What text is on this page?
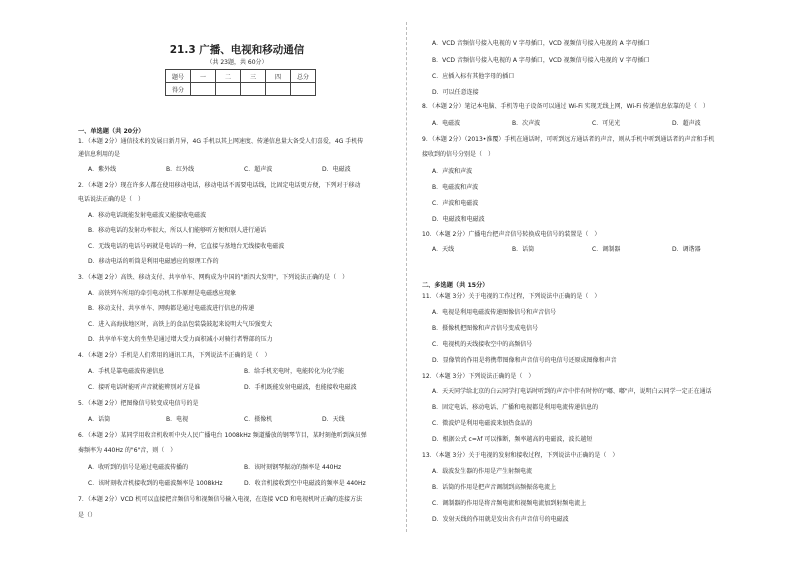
21.3 广播、电视和移动通信
（共 23题，共 60分）
题号	一	二	三	四	总分
得分					
一、单选题（共 20分）
1．（本题 2分）通信技术的发展日新月异，4G 手机以其上网速度、传递信息量大备受人们喜爱，4G 手机传
递信息利用的是
A．紫外线	B．红外线	C．超声波	D．电磁波
2．（本题 2分）现在许多人都在使用移动电话，移动电话不需要电话线，比固定电话更方便，下列对于移动
电话说法正确的是（　）
A．移动电话既能发射电磁波又能接收电磁波
B．移动电话的发射功率很大，所以人们能够听方便和别人进行通话
C．无线电话的电话号码就是电话的一种，它直接与基地台无线接收电磁波
D．移动电话的听筒是利用电磁感应的原理工作的
3．（本题 2分）高铁、移动支付、共享单车、网购成为中国的"新四大发明"，下列说法正确的是（　）
A．高铁列车所用的牵引电动机工作原理是电磁感应现象
B．移动支付、共享单车、网购都是通过电磁波进行信息的传递
C．进入高海拔地区时，高铁上的食品包装袋鼓起来说明大气压强变大
D．共享单车宽大的坐垫是通过增大受力面积减小对骑行者臀部的压力
4．（本题 2分）手机是人们常用的通讯工具，下列说法不正确的是（　）
A．手机是靠电磁波传递信息	B．给手机充电时，电能转化为化学能
C．接听电话时能听声音就能辨别对方是谁	D．手机既能发射电磁波，也能接收电磁波
5．（本题 2分）把图像信号转变成电信号的是
A．话筒	B．电视	C．摄像机	D．天线
6．（本题 2分）某同学用收音机收听中央人民广播电台 1008kHz 频道播放的钢琴节目，某时刻他听到演员弹
奏频率为 440Hz 的"6"音，则（　）
A．收听到的信号是通过电磁波传播的	B．该时刻钢琴振动的频率是 440Hz
C．该时刻收音机接收到的电磁波频率是 1008kHz	D．收音机接收到空中电磁波的频率是 440Hz
7．（本题 2分）VCD 机可以直接把音频信号和视频信号输入电视，在连接 VCD 和电视机时正确的连接方法
是（）
A．VCD 音频信号接入电视的 V 字母插口，VCD 视频信号接入电视的 A 字母插口
B．VCD 音频信号接入电视的 A 字母插口，VCD 视频信号接入电视的 V 字母插口
C．应插入标有其他字母的插口
D．可以任意连接
8．（本题 2分）笔记本电脑、手机等电子设备可以通过 Wi-Fi 实现无线上网，Wi-Fi 传递信息依靠的是（　）
A．电磁波	B．次声波	C．可见光	D．超声波
9．（本题 2分）（2013•淮覆）手机在通话时，可听到远方通话者的声音，则从手机中听到通话者的声音和手机
接收到的信号分别是（　）
A．声波和声波
B．电磁波和声波
C．声波和电磁波
D．电磁波和电磁波
10．（本题 2分）广播电台把声音信号转换成电信号的装置是（　）
A．天线	B．话筒	C．调制器	D．调谐器
二、多选题（共 15分）
11．（本题 3分）关于电视的工作过程，下列说法中正确的是（　）
A．电视是利用电磁波传递图像信号和声音信号
B．摄像机把图像和声音信号变成电信号
C．电视机的天线接收空中的高频信号
D．显像管的作用是将携带图像和声音信号的电信号还原成图像和声音
12．（本题 3分）下列说法正确的是（　）
A．天天同学给北京的白云同学打电话时听到的声音中伴有时停的"嘟、嘟"声，说明白云同学一定正在通话
B．固定电话、移动电话、广播和电视都是利用电流传递信息的
C．微波炉是利用电磁波来加热食品的
D．根据公式 c=λf 可以推断，频率越高的电磁波，波长越短
13．（本题 3分）关于电视的发射和接收过程，下列说法中正确的是（　）
A．载波发生器的作用是产生射频电流
B．话筒的作用是把声音调制到高频振荡电流上
C．调制器的作用是将音频电流和视频电流加到射频电流上
D．发射天线的作用就是发出含有声音信号的电磁波
